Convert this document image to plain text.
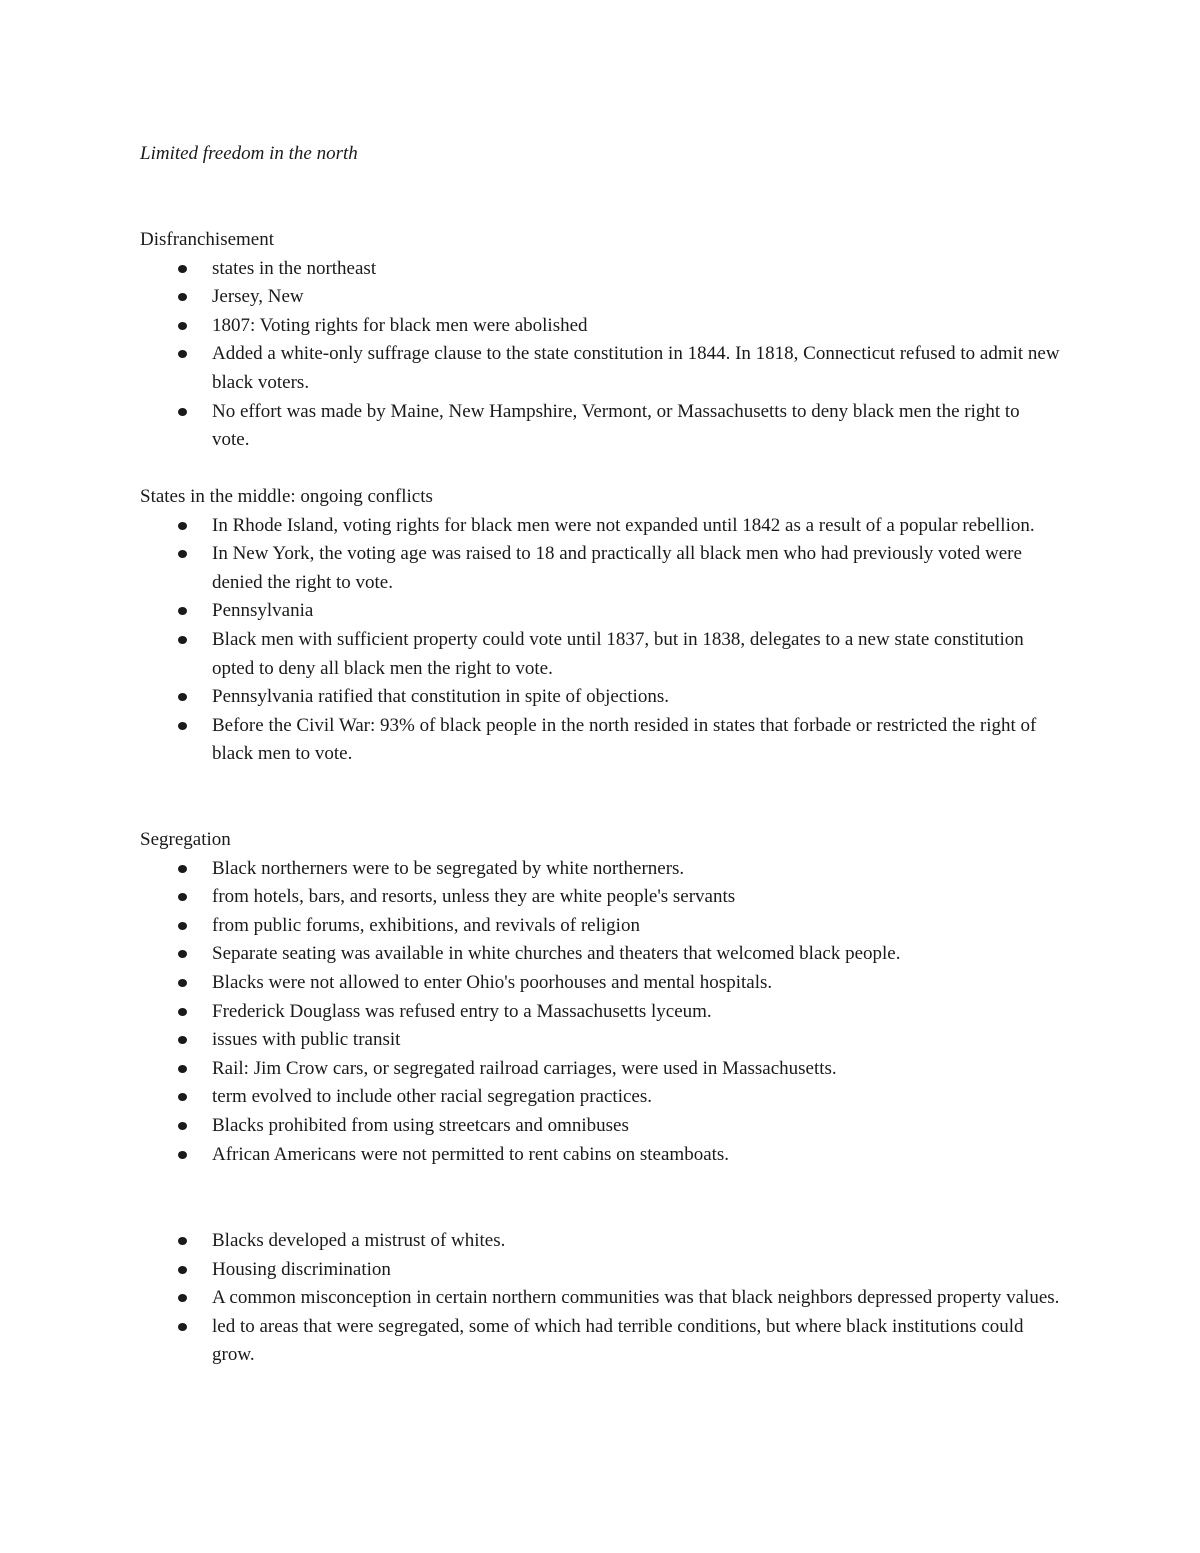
Limited freedom in the north
Disfranchisement
states in the northeast
Jersey, New
1807: Voting rights for black men were abolished
Added a white-only suffrage clause to the state constitution in 1844. In 1818, Connecticut refused to admit new black voters.
No effort was made by Maine, New Hampshire, Vermont, or Massachusetts to deny black men the right to vote.
States in the middle: ongoing conflicts
In Rhode Island, voting rights for black men were not expanded until 1842 as a result of a popular rebellion.
In New York, the voting age was raised to 18 and practically all black men who had previously voted were denied the right to vote.
Pennsylvania
Black men with sufficient property could vote until 1837, but in 1838, delegates to a new state constitution opted to deny all black men the right to vote.
Pennsylvania ratified that constitution in spite of objections.
Before the Civil War: 93% of black people in the north resided in states that forbade or restricted the right of black men to vote.
Segregation
Black northerners were to be segregated by white northerners.
from hotels, bars, and resorts, unless they are white people's servants
from public forums, exhibitions, and revivals of religion
Separate seating was available in white churches and theaters that welcomed black people.
Blacks were not allowed to enter Ohio's poorhouses and mental hospitals.
Frederick Douglass was refused entry to a Massachusetts lyceum.
issues with public transit
Rail: Jim Crow cars, or segregated railroad carriages, were used in Massachusetts.
term evolved to include other racial segregation practices.
Blacks prohibited from using streetcars and omnibuses
African Americans were not permitted to rent cabins on steamboats.
Blacks developed a mistrust of whites.
Housing discrimination
A common misconception in certain northern communities was that black neighbors depressed property values.
led to areas that were segregated, some of which had terrible conditions, but where black institutions could grow.
